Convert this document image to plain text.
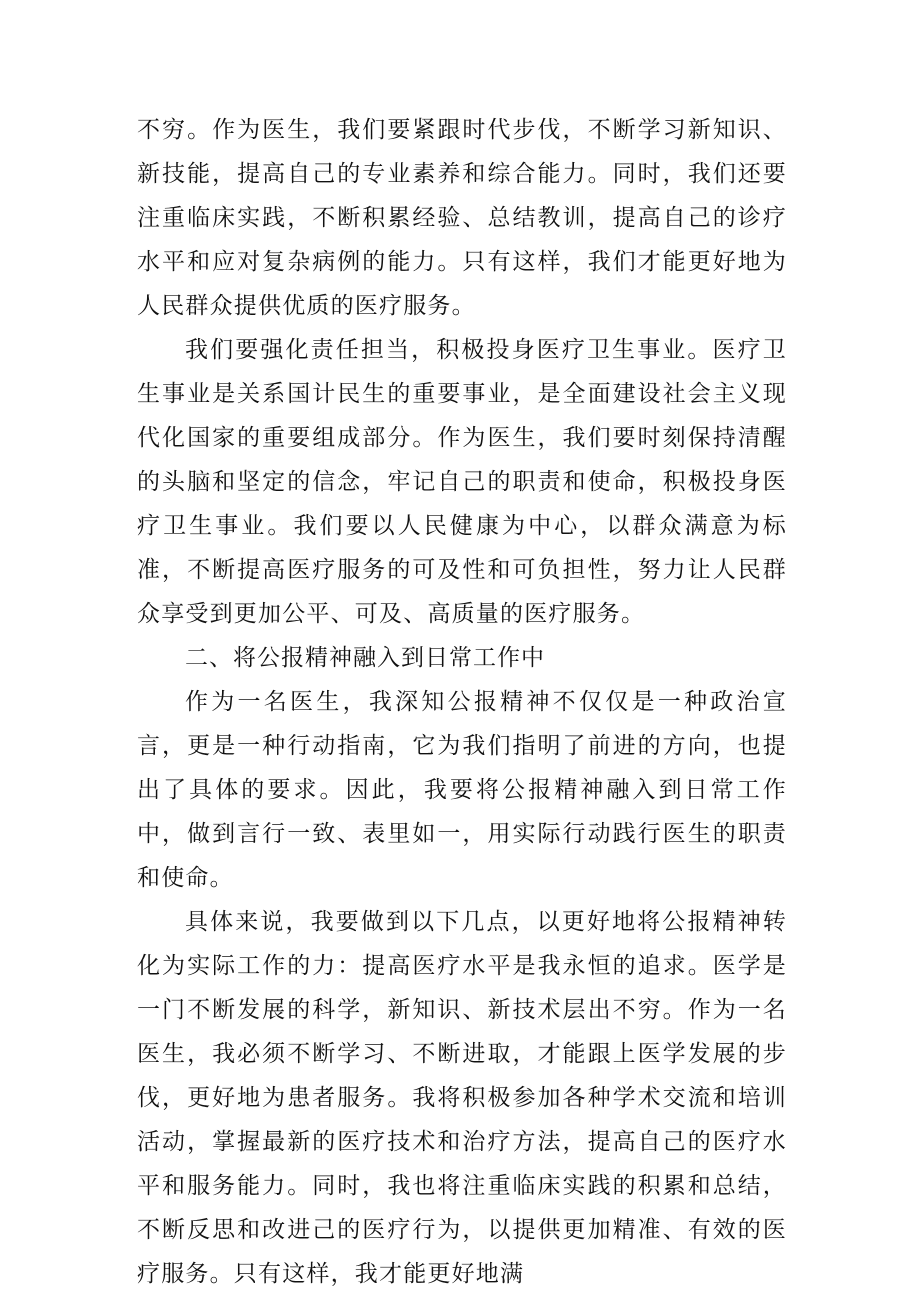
不穷。作为医生，我们要紧跟时代步伐，不断学习新知识、新技能，提高自己的专业素养和综合能力。同时，我们还要注重临床实践，不断积累经验、总结教训，提高自己的诊疗水平和应对复杂病例的能力。只有这样，我们才能更好地为人民群众提供优质的医疗服务。

我们要强化责任担当，积极投身医疗卫生事业。医疗卫生事业是关系国计民生的重要事业，是全面建设社会主义现代化国家的重要组成部分。作为医生，我们要时刻保持清醒的头脑和坚定的信念，牢记自己的职责和使命，积极投身医疗卫生事业。我们要以人民健康为中心，以群众满意为标准，不断提高医疗服务的可及性和可负担性，努力让人民群众享受到更加公平、可及、高质量的医疗服务。

二、将公报精神融入到日常工作中

作为一名医生，我深知公报精神不仅仅是一种政治宣言，更是一种行动指南，它为我们指明了前进的方向，也提出了具体的要求。因此，我要将公报精神融入到日常工作中，做到言行一致、表里如一，用实际行动践行医生的职责和使命。

具体来说，我要做到以下几点，以更好地将公报精神转化为实际工作的力：提高医疗水平是我永恒的追求。医学是一门不断发展的科学，新知识、新技术层出不穷。作为一名医生，我必须不断学习、不断进取，才能跟上医学发展的步伐，更好地为患者服务。我将积极参加各种学术交流和培训活动，掌握最新的医疗技术和治疗方法，提高自己的医疗水平和服务能力。同时，我也将注重临床实践的积累和总结，不断反思和改进己的医疗行为，以提供更加精准、有效的医疗服务。只有这样，我才能更好地满
